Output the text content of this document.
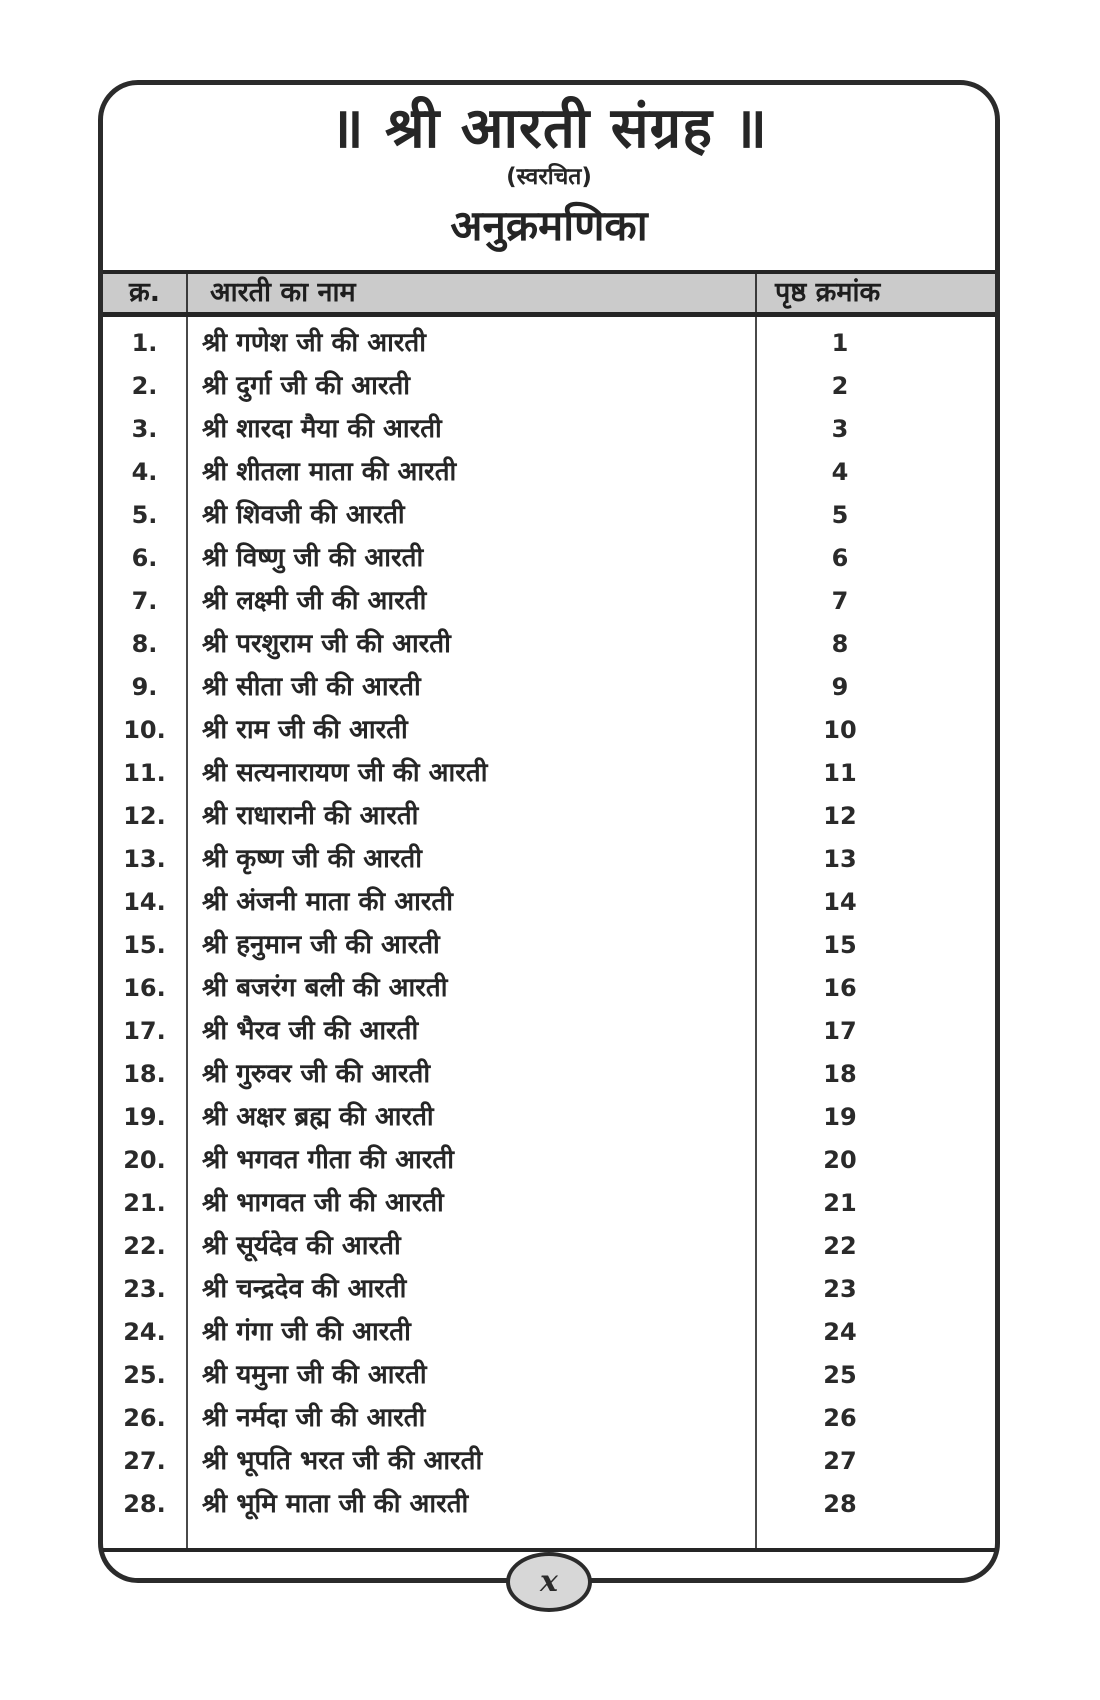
॥ श्री आरती संग्रह ॥
(स्वरचित)
अनुक्रमणिका
क्र.	आरती का नाम	पृष्ठ क्रमांक
1.
2.
3.
4.
5.
6.
7.
8.
9.
10.
11.
12.
13.
14.
15.
16.
17.
18.
19.
20.
21.
22.
23.
24.
25.
26.
27.
28.
श्री गणेश जी की आरती
श्री दुर्गा जी की आरती
श्री शारदा मैया की आरती
श्री शीतला माता की आरती
श्री शिवजी की आरती
श्री विष्णु जी की आरती
श्री लक्ष्मी जी की आरती
श्री परशुराम जी की आरती
श्री सीता जी की आरती
श्री राम जी की आरती
श्री सत्यनारायण जी की आरती
श्री राधारानी की आरती
श्री कृष्ण जी की आरती
श्री अंजनी माता की आरती
श्री हनुमान जी की आरती
श्री बजरंग बली की आरती
श्री भैरव जी की आरती
श्री गुरुवर जी की आरती
श्री अक्षर ब्रह्म की आरती
श्री भगवत गीता की आरती
श्री भागवत जी की आरती
श्री सूर्यदेव की आरती
श्री चन्द्रदेव की आरती
श्री गंगा जी की आरती
श्री यमुना जी की आरती
श्री नर्मदा जी की आरती
श्री भूपति भरत जी की आरती
श्री भूमि माता जी की आरती
1
2
3
4
5
6
7
8
9
10
11
12
13
14
15
16
17
18
19
20
21
22
23
24
25
26
27
28
x
